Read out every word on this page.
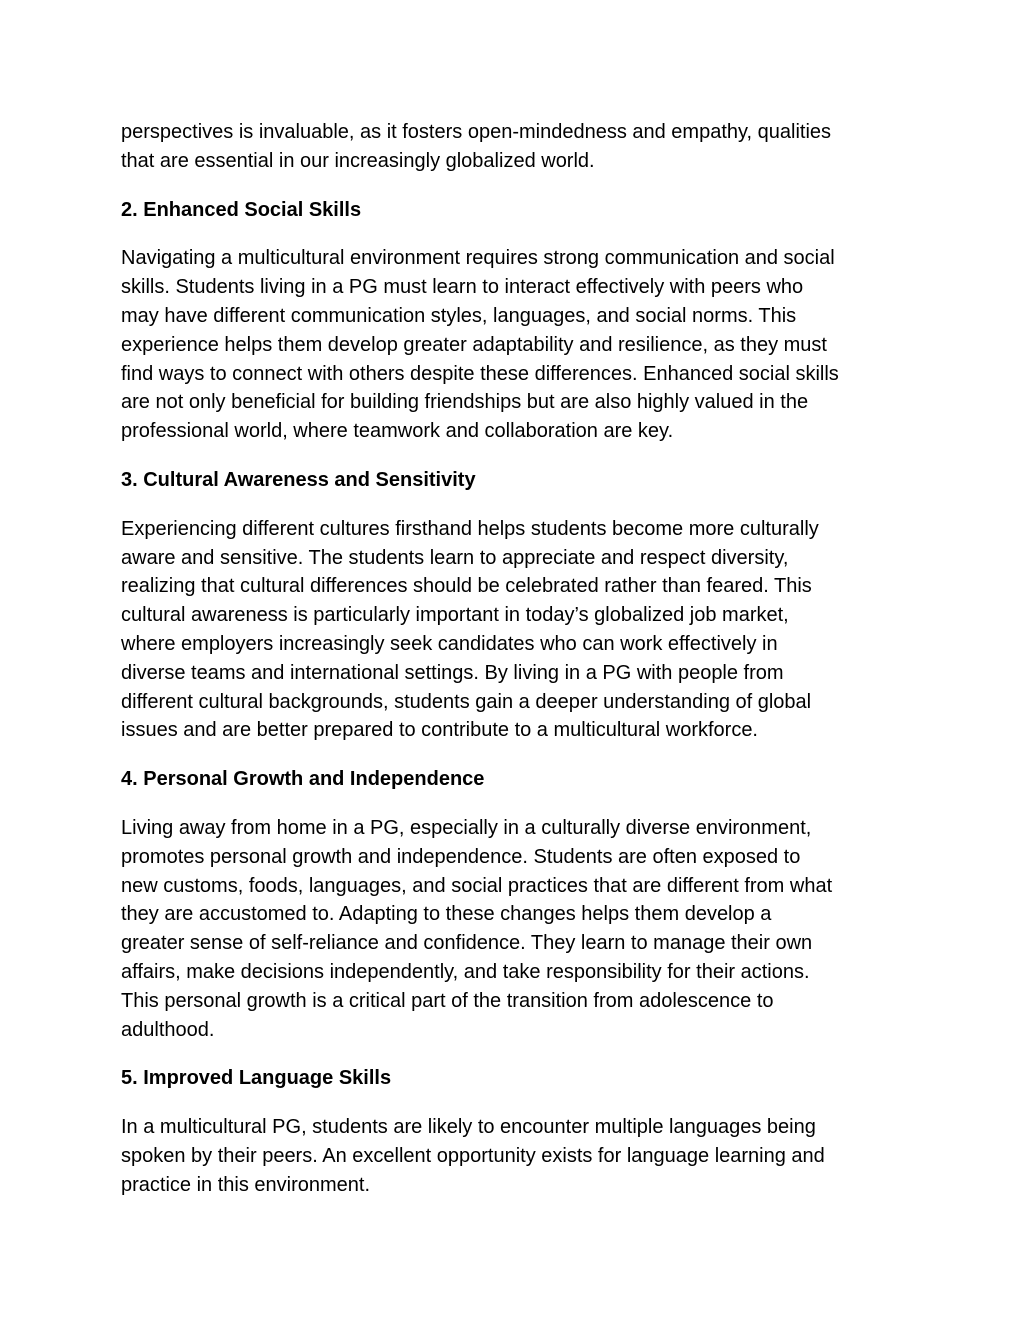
perspectives is invaluable, as it fosters open-mindedness and empathy, qualities
that are essential in our increasingly globalized world.

2. Enhanced Social Skills

Navigating a multicultural environment requires strong communication and social
skills. Students living in a PG must learn to interact effectively with peers who
may have different communication styles, languages, and social norms. This
experience helps them develop greater adaptability and resilience, as they must
find ways to connect with others despite these differences. Enhanced social skills
are not only beneficial for building friendships but are also highly valued in the
professional world, where teamwork and collaboration are key.

3. Cultural Awareness and Sensitivity

Experiencing different cultures firsthand helps students become more culturally
aware and sensitive. The students learn to appreciate and respect diversity,
realizing that cultural differences should be celebrated rather than feared. This
cultural awareness is particularly important in today’s globalized job market,
where employers increasingly seek candidates who can work effectively in
diverse teams and international settings. By living in a PG with people from
different cultural backgrounds, students gain a deeper understanding of global
issues and are better prepared to contribute to a multicultural workforce.

4. Personal Growth and Independence

Living away from home in a PG, especially in a culturally diverse environment,
promotes personal growth and independence. Students are often exposed to
new customs, foods, languages, and social practices that are different from what
they are accustomed to. Adapting to these changes helps them develop a
greater sense of self-reliance and confidence. They learn to manage their own
affairs, make decisions independently, and take responsibility for their actions.
This personal growth is a critical part of the transition from adolescence to
adulthood.

5. Improved Language Skills

In a multicultural PG, students are likely to encounter multiple languages being
spoken by their peers. An excellent opportunity exists for language learning and
practice in this environment.
